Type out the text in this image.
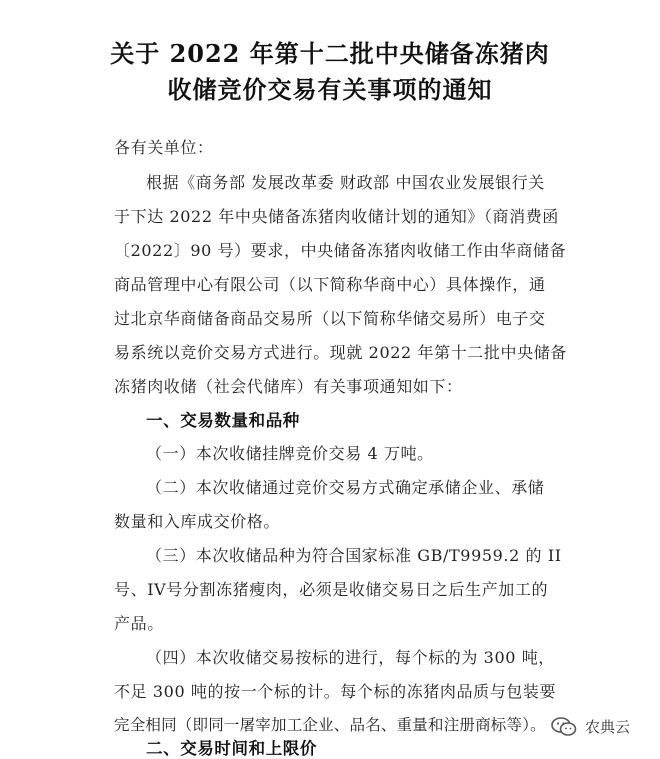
关于 2022 年第十二批中央储备冻猪肉
收储竞价交易有关事项的通知
各有关单位：
根据《商务部 发展改革委 财政部 中国农业发展银行关
于下达 2022 年中央储备冻猪肉收储计划的通知》（商消费函
〔2022〕90 号）要求，中央储备冻猪肉收储工作由华商储备
商品管理中心有限公司（以下简称华商中心）具体操作，通
过北京华商储备商品交易所（以下简称华储交易所）电子交
易系统以竞价交易方式进行。现就 2022 年第十二批中央储备
冻猪肉收储（社会代储库）有关事项通知如下：
一、交易数量和品种
（一）本次收储挂牌竞价交易 4 万吨。
（二）本次收储通过竞价交易方式确定承储企业、承储
数量和入库成交价格。
（三）本次收储品种为符合国家标准 GB/T9959.2 的 II
号、IV号分割冻猪瘦肉，必须是收储交易日之后生产加工的
产品。
（四）本次收储交易按标的进行，每个标的为 300 吨，
不足 300 吨的按一个标的计。每个标的冻猪肉品质与包装要
完全相同（即同一屠宰加工企业、品名、重量和注册商标等）。
二、交易时间和上限价
农典云
